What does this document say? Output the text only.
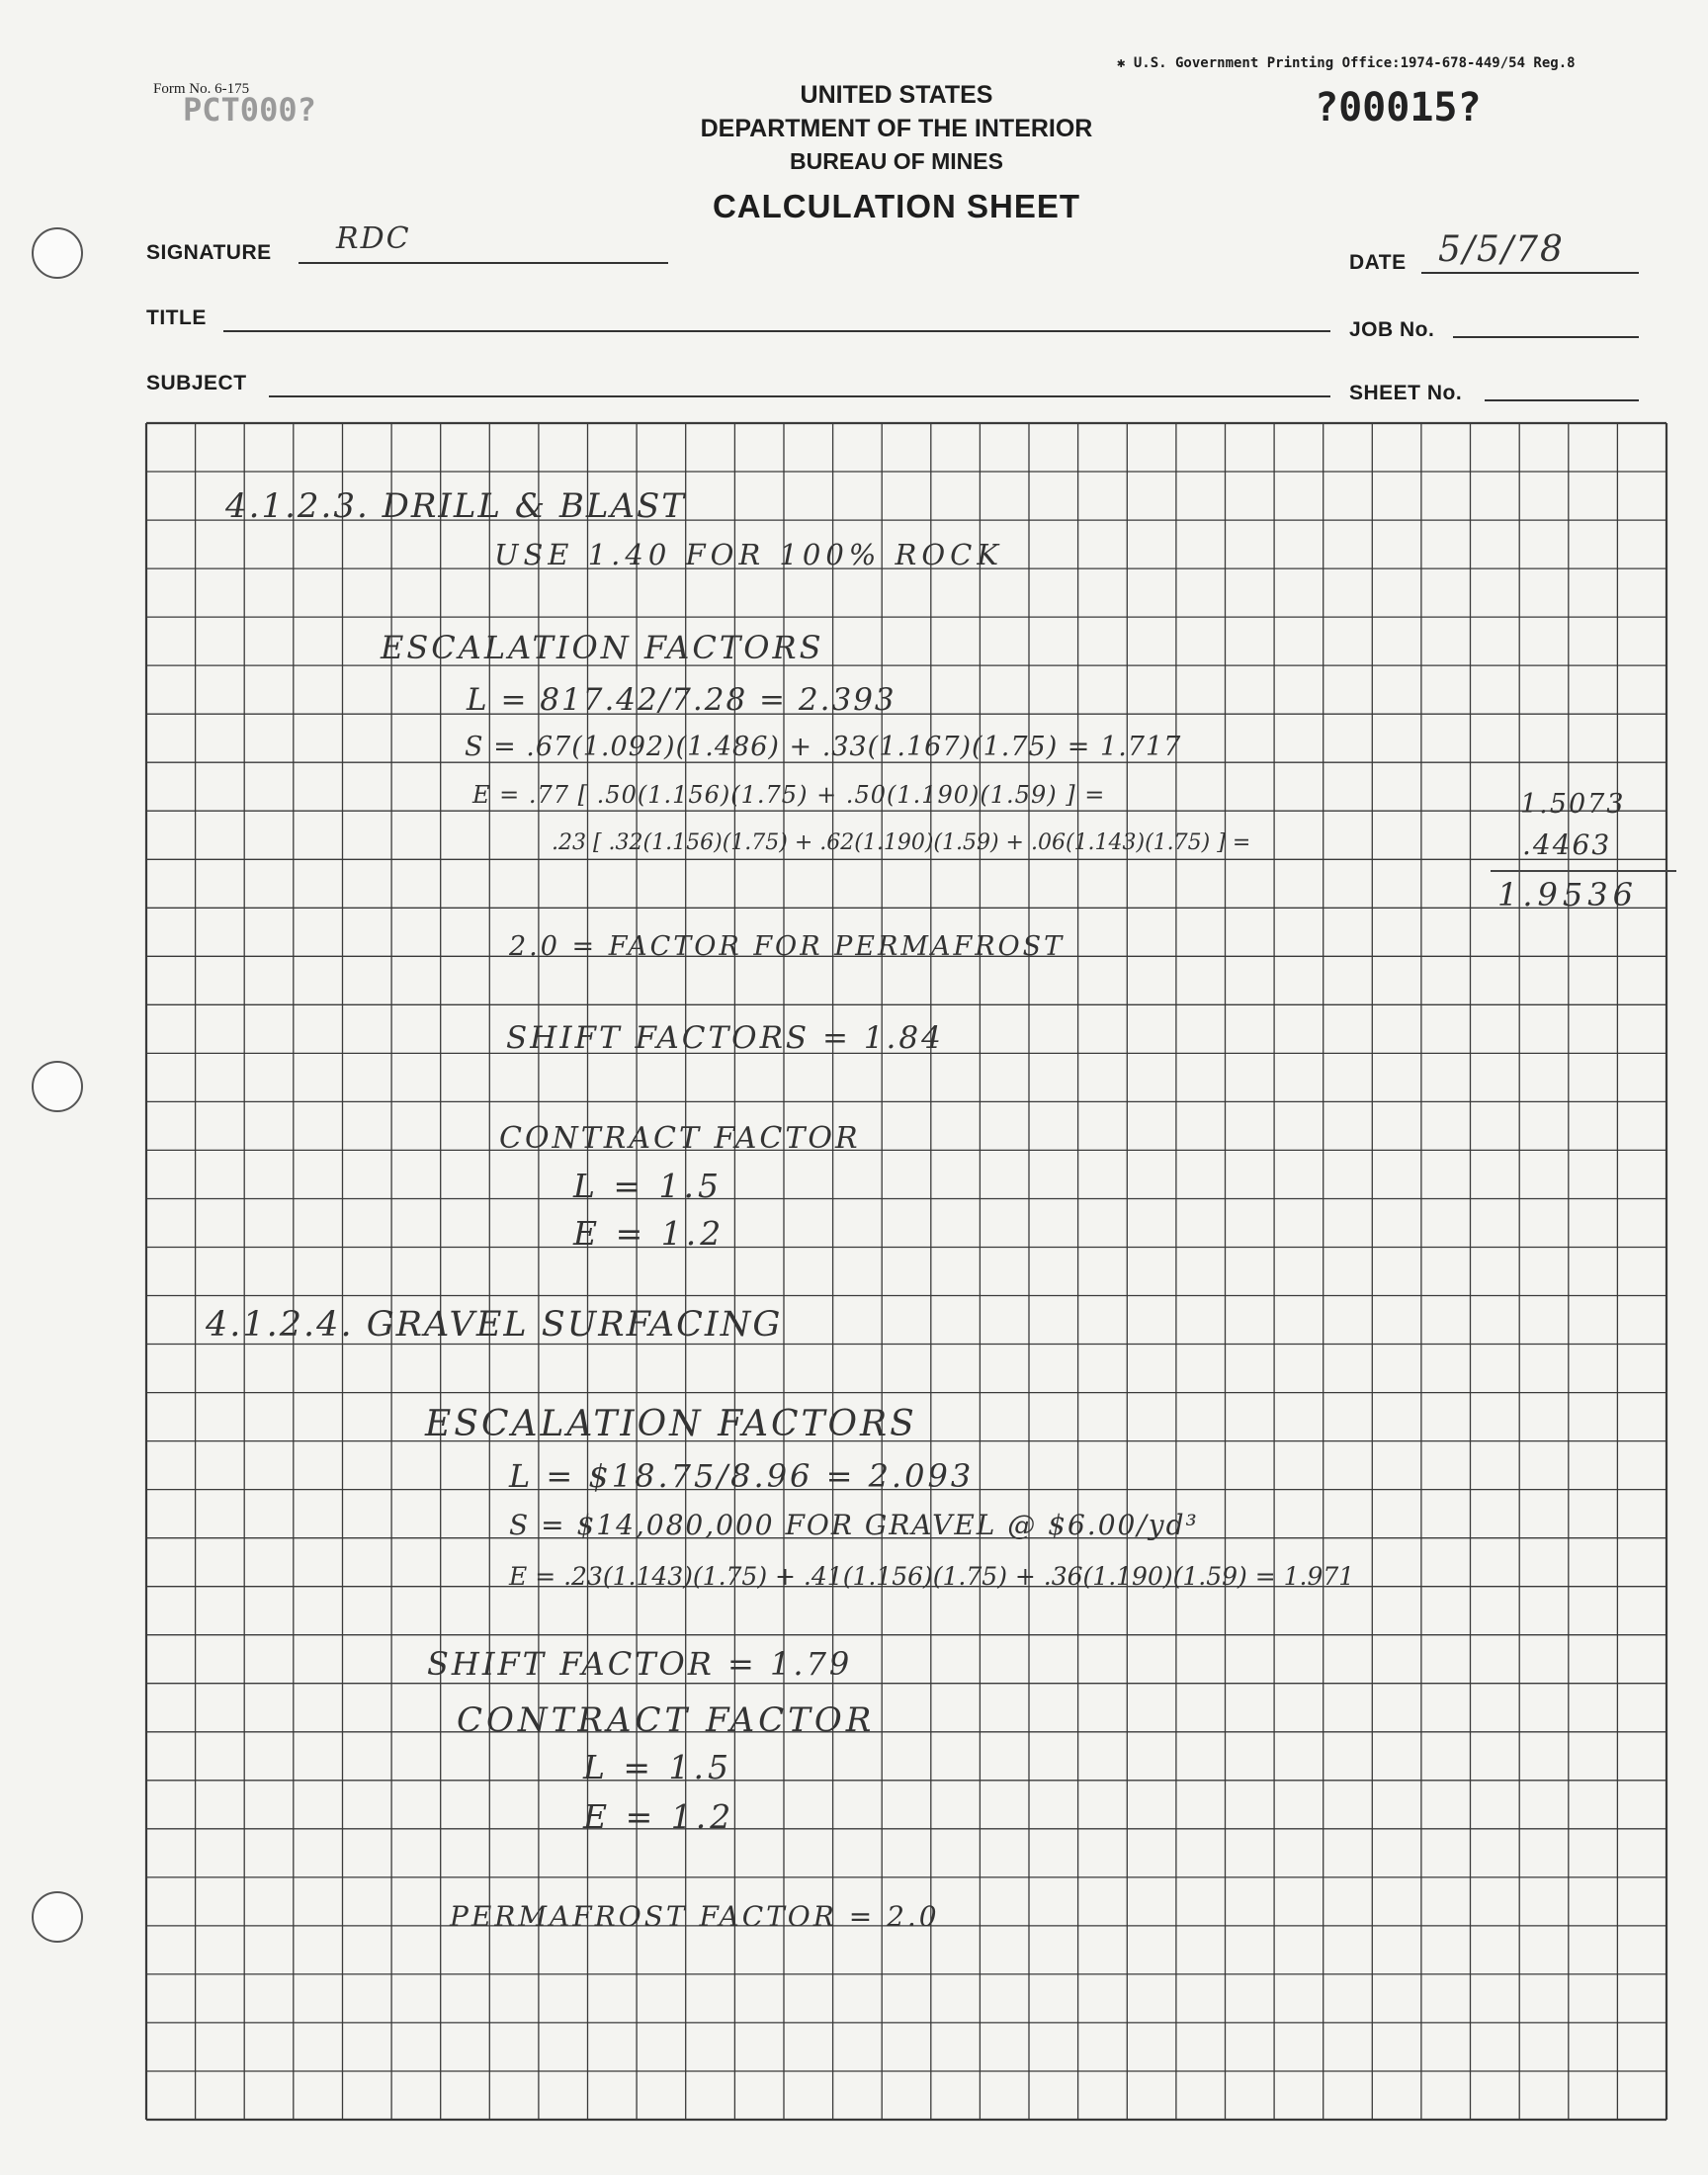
Form No. 6-175
PCT000?
✱ U.S. Government Printing Office:1974-678-449/54 Reg.8
?00015?
UNITED STATES
DEPARTMENT OF THE INTERIOR
BUREAU OF MINES
CALCULATION SHEET
SIGNATURE RDC
DATE 5/5/78
TITLE
JOB No.
SUBJECT	SHEET No.
4.1.2.3. DRILL & BLAST
USE 1.40 FOR 100% ROCK
ESCALATION FACTORS
L = 817.42/7.28 = 2.393
S = .67(1.092)(1.486) + .33(1.167)(1.75) = 1.717
E = .77 [ .50(1.156)(1.75) + .50(1.190)(1.59) ] =	1.5073
.23 [ .32(1.156)(1.75) + .62(1.190)(1.59) + .06(1.143)(1.75) ] =	.4463
1.9536
2.0 = FACTOR FOR PERMAFROST
SHIFT FACTORS = 1.84
CONTRACT FACTOR
L = 1.5
E = 1.2
4.1.2.4. GRAVEL SURFACING
ESCALATION FACTORS
L = $18.75/8.96 = 2.093
S = $14,080,000 FOR GRAVEL @ $6.00/yd³
E = .23(1.143)(1.75) + .41(1.156)(1.75) + .36(1.190)(1.59) = 1.971
SHIFT FACTOR = 1.79
CONTRACT FACTOR
L = 1.5
E = 1.2
PERMAFROST FACTOR = 2.0
